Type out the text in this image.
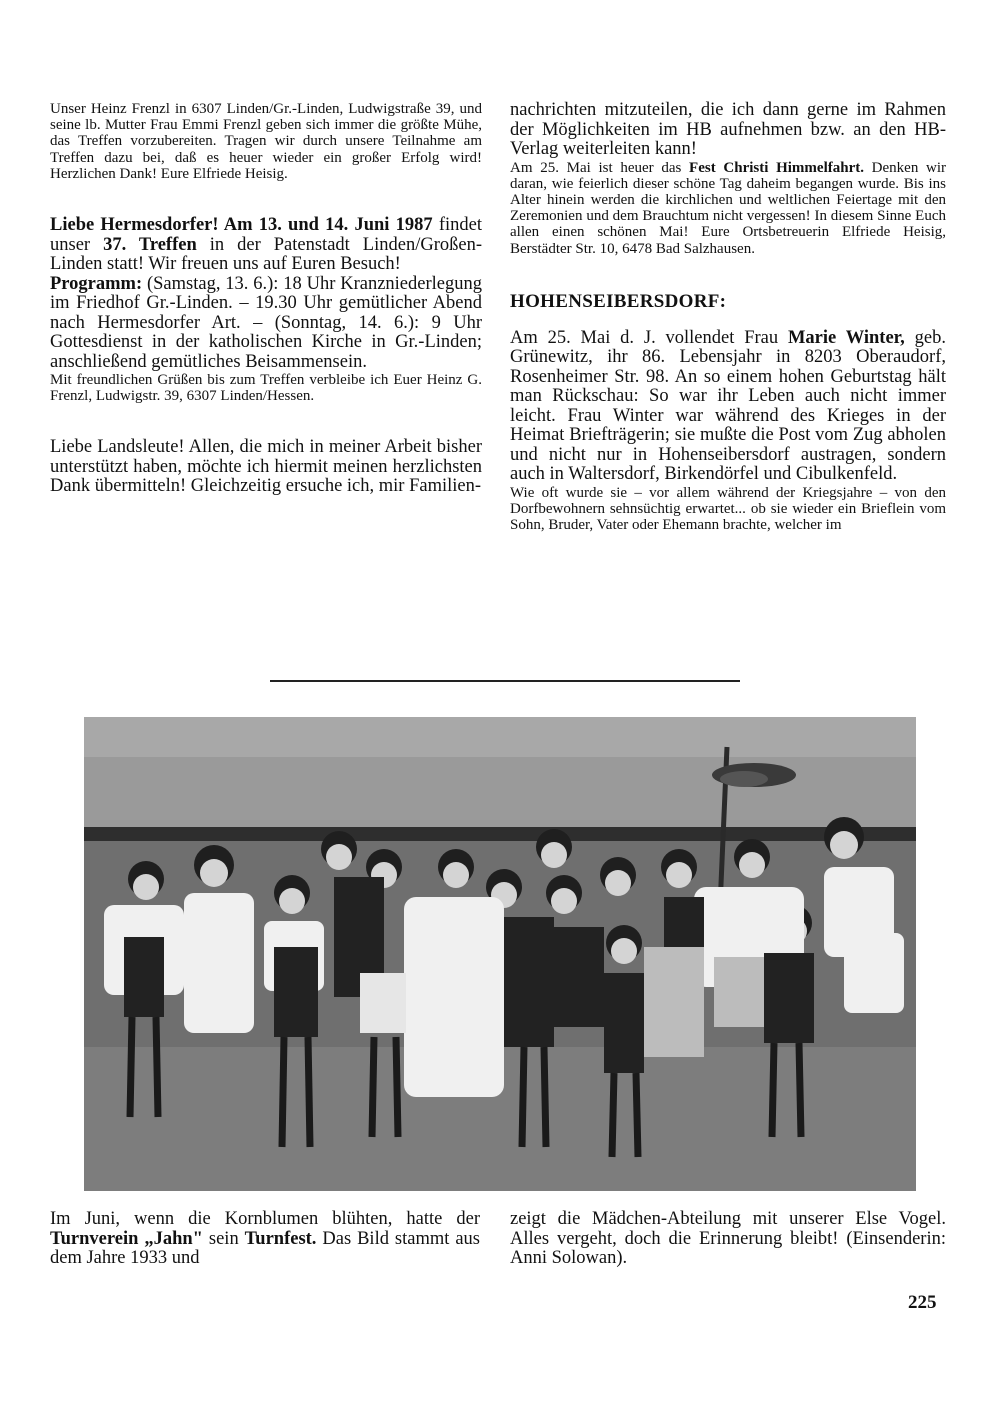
Unser Heinz Frenzl in 6307 Linden/Gr.-Linden, Ludwigstraße 39, und seine lb. Mutter Frau Emmi Frenzl geben sich immer die größte Mühe, das Treffen vorzubereiten. Tragen wir durch unsere Teilnahme am Treffen dazu bei, daß es heuer wieder ein großer Erfolg wird! Herzlichen Dank! Eure Elfriede Heisig.

Liebe Hermesdorfer! Am 13. und 14. Juni 1987 findet unser 37. Treffen in der Patenstadt Linden/Großen-Linden statt! Wir freuen uns auf Euren Besuch!

Programm: (Samstag, 13. 6.): 18 Uhr Kranzniederlegung im Friedhof Gr.-Linden. – 19.30 Uhr gemütlicher Abend nach Hermesdorfer Art. – (Sonntag, 14. 6.): 9 Uhr Gottesdienst in der katholischen Kirche in Gr.-Linden; anschließend gemütliches Beisammensein.

Mit freundlichen Grüßen bis zum Treffen verbleibe ich Euer Heinz G. Frenzl, Ludwigstr. 39, 6307 Linden/Hessen.

Liebe Landsleute! Allen, die mich in meiner Arbeit bisher unterstützt haben, möchte ich hiermit meinen herzlichsten Dank übermitteln! Gleichzeitig ersuche ich, mir Familien-

nachrichten mitzuteilen, die ich dann gerne im Rahmen der Möglichkeiten im HB aufnehmen bzw. an den HB-Verlag weiterleiten kann!

Am 25. Mai ist heuer das Fest Christi Himmelfahrt. Denken wir daran, wie feierlich dieser schöne Tag daheim begangen wurde. Bis ins Alter hinein werden die kirchlichen und weltlichen Feiertage mit den Zeremonien und dem Brauchtum nicht vergessen! In diesem Sinne Euch allen einen schönen Mai! Eure Ortsbetreuerin Elfriede Heisig, Berstädter Str. 10, 6478 Bad Salzhausen.

HOHENSEIBERSDORF:

Am 25. Mai d. J. vollendet Frau Marie Winter, geb. Grünewitz, ihr 86. Lebensjahr in 8203 Oberaudorf, Rosenheimer Str. 98. An so einem hohen Geburtstag hält man Rückschau: So war ihr Leben auch nicht immer leicht. Frau Winter war während des Krieges in der Heimat Briefträgerin; sie mußte die Post vom Zug abholen und nicht nur in Hohenseibersdorf austragen, sondern auch in Waltersdorf, Birkendörfel und Cibulkenfeld.

Wie oft wurde sie – vor allem während der Kriegsjahre – von den Dorfbewohnern sehnsüchtig erwartet... ob sie wieder ein Brieflein vom Sohn, Bruder, Vater oder Ehemann brachte, welcher im

Im Juni, wenn die Kornblumen blühten, hatte der Turnverein „Jahn" sein Turnfest. Das Bild stammt aus dem Jahre 1933 und

zeigt die Mädchen-Abteilung mit unserer Else Vogel. Alles vergeht, doch die Erinnerung bleibt! (Einsenderin: Anni Solowan).

225
